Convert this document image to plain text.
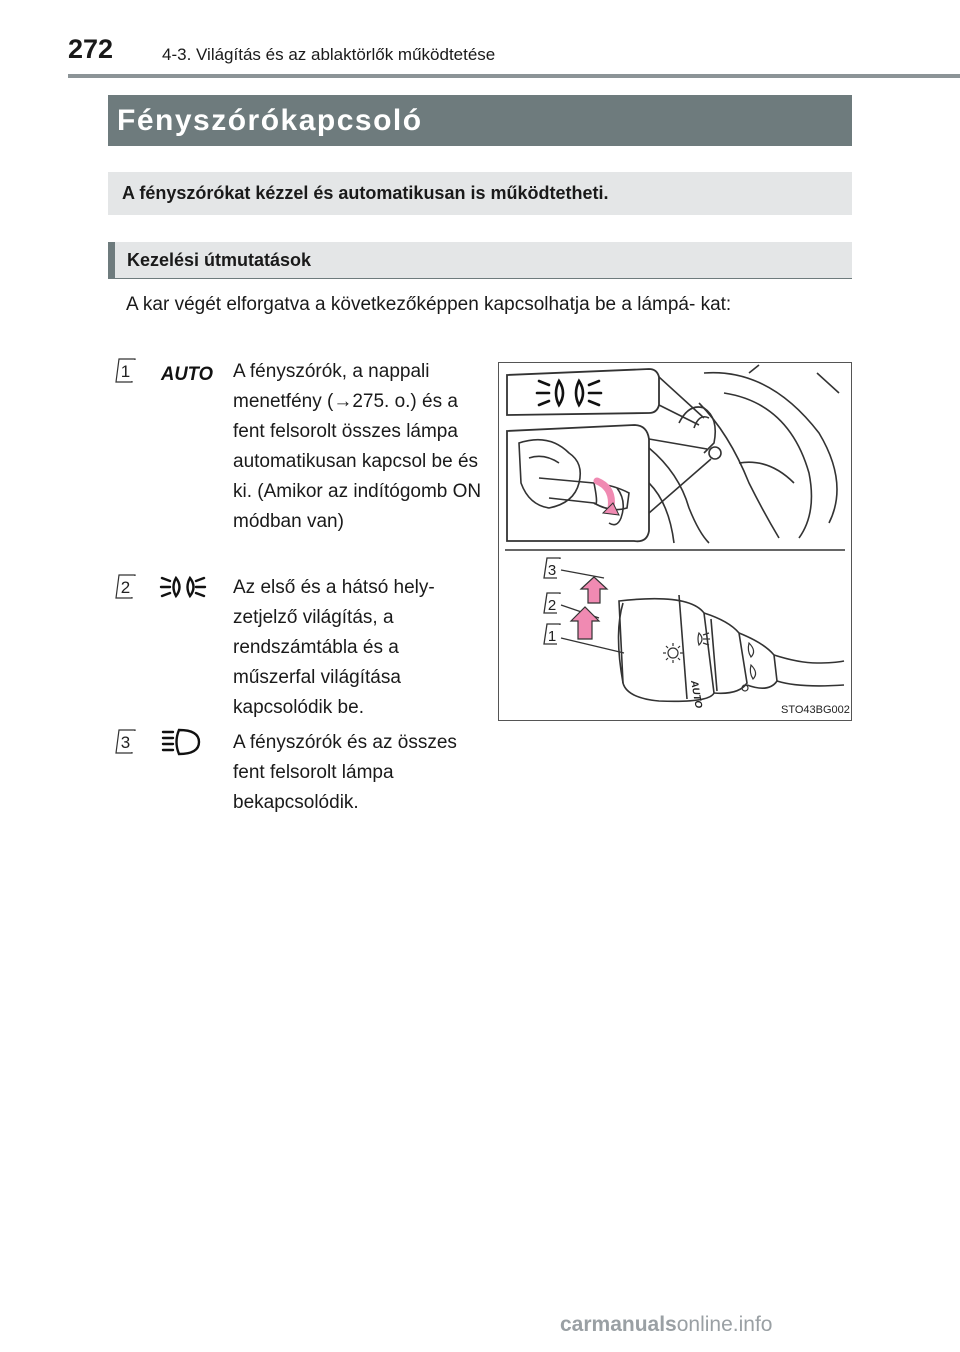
272	4-3. Világítás és az ablaktörlők működtetése
Fényszórókapcsoló
A fényszórókat kézzel és automatikusan is működtetheti.
Kezelési útmutatások
A kar végét elforgatva a következőképpen kapcsolhatja be a lámpá- kat:
1 AUTO A fényszórók, a nappali menetfény (→275. o.) és a fent felsorolt összes lámpa automatikusan kapcsol be és ki. (Amikor az indítógomb ON módban van)
2	Az első és a hátsó hely- zetjelző világítás, a rendszámtábla és a műszerfal világítása kapcsolódik be.
3	A fényszórók és az összes fent felsorolt lámpa bekapcsolódik.
AUTO
3
2
1
STO43BG002
carmanualsonline.info
